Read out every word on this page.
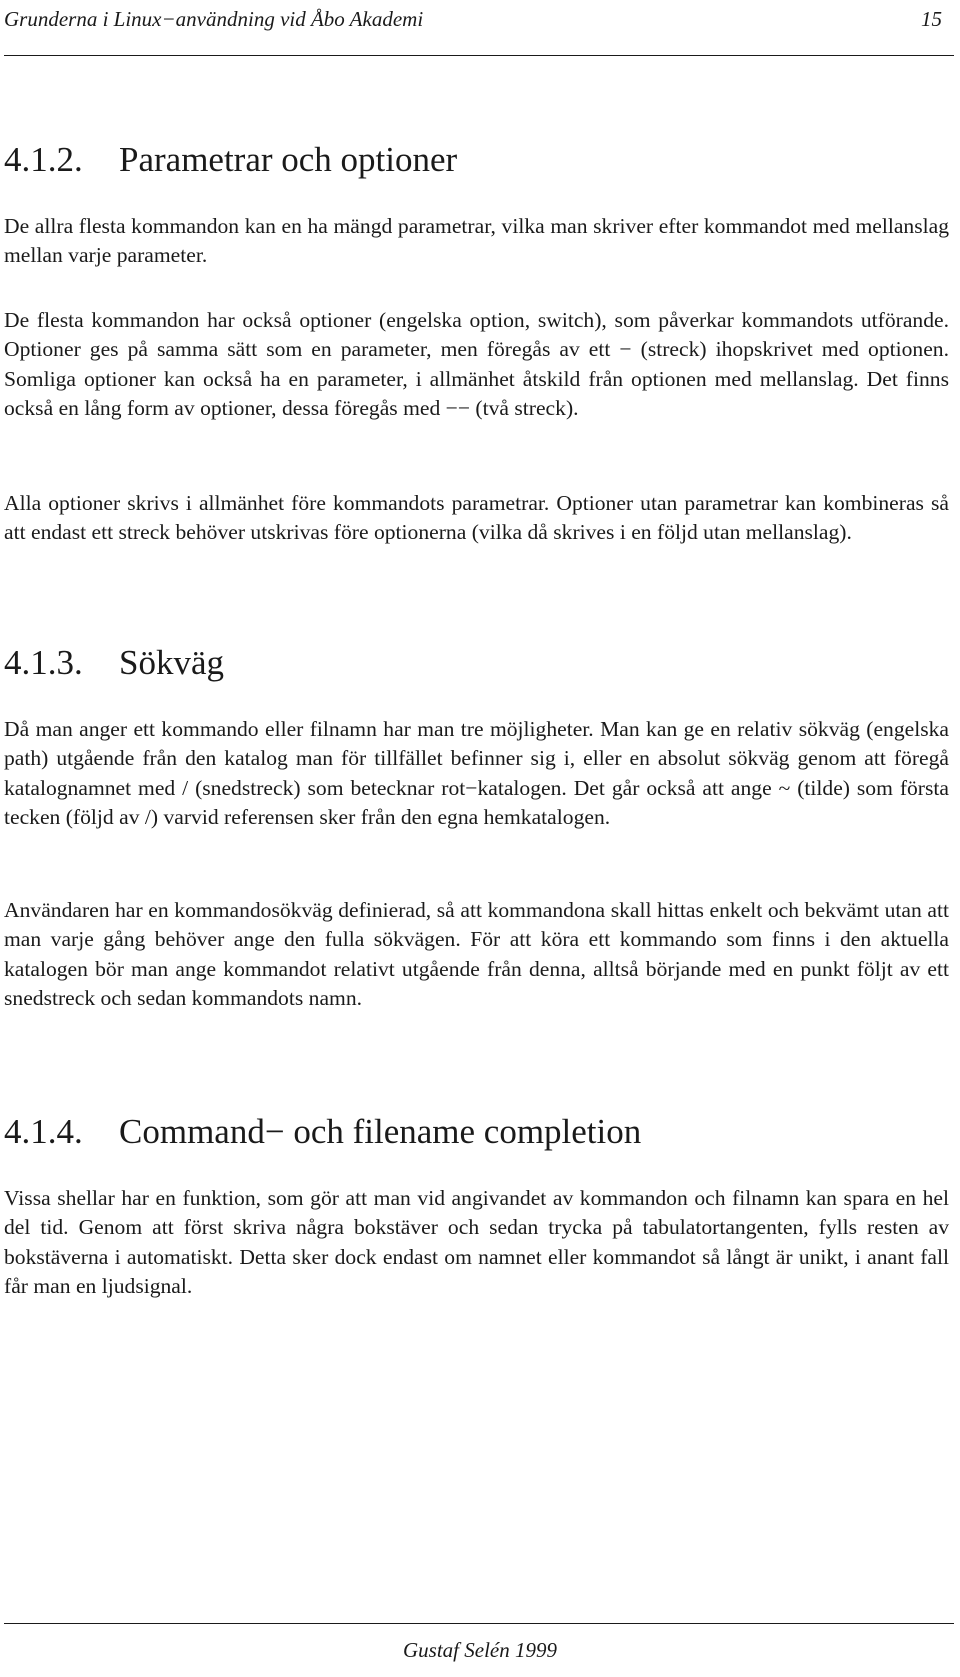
Grunderna i Linux−användning vid Åbo Akademi	15
4.1.2. Parametrar och optioner

De allra flesta kommandon kan en ha mängd parametrar, vilka man skriver efter kommandot med mellanslag mellan varje parameter.

De flesta kommandon har också optioner (engelska option, switch), som påverkar kommandots utförande. Optioner ges på samma sätt som en parameter, men föregås av ett − (streck) ihopskrivet med optionen. Somliga optioner kan också ha en parameter, i allmänhet åtskild från optionen med mellanslag. Det finns också en lång form av optioner, dessa föregås med −− (två streck).

Alla optioner skrivs i allmänhet före kommandots parametrar. Optioner utan parametrar kan kombineras så att endast ett streck behöver utskrivas före optionerna (vilka då skrives i en följd utan mellanslag).

4.1.3. Sökväg

Då man anger ett kommando eller filnamn har man tre möjligheter. Man kan ge en relativ sökväg (engelska path) utgående från den katalog man för tillfället befinner sig i, eller en absolut sökväg genom att föregå katalognamnet med / (snedstreck) som betecknar rot−katalogen. Det går också att ange ~ (tilde) som första tecken (följd av /) varvid referensen sker från den egna hemkatalogen.

Användaren har en kommandosökväg definierad, så att kommandona skall hittas enkelt och bekvämt utan att man varje gång behöver ange den fulla sökvägen. För att köra ett kommando som finns i den aktuella katalogen bör man ange kommandot relativt utgående från denna, alltså börjande med en punkt följt av ett snedstreck och sedan kommandots namn.

4.1.4. Command− och filename completion

Vissa shellar har en funktion, som gör att man vid angivandet av kommandon och filnamn kan spara en hel del tid. Genom att först skriva några bokstäver och sedan trycka på tabulatortangenten, fylls resten av bokstäverna i automatiskt. Detta sker dock endast om namnet eller kommandot så långt är unikt, i anant fall får man en ljudsignal.

Gustaf Selén 1999
